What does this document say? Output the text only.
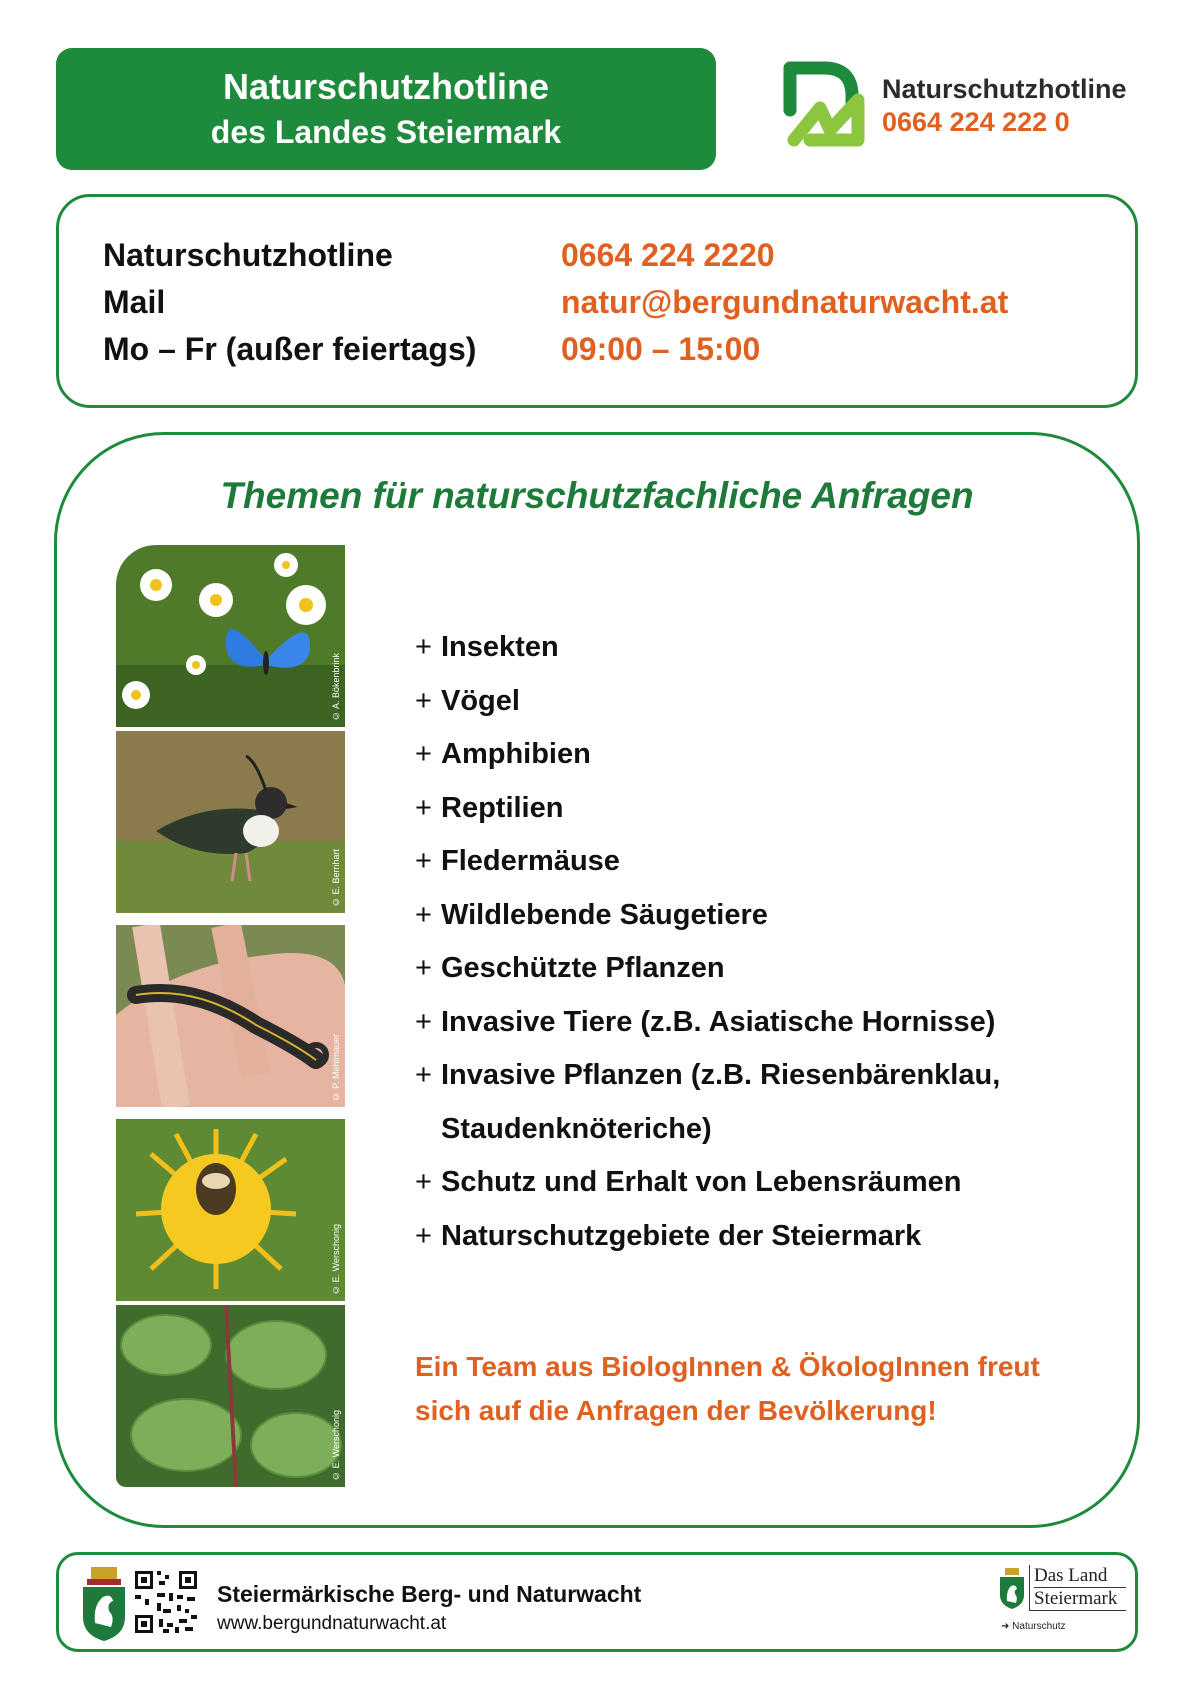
Naturschutzhotline
des Landes Steiermark
Naturschutzhotline
0664 224 222 0
Naturschutzhotline	0664 224 2220
Mail	natur@bergundnaturwacht.at
Mo – Fr (außer feiertags)	09:00 – 15:00
Themen für naturschutzfachliche Anfragen
© A. Bökenbrink
© E. Bernhart
© P. Mehlmauer
© E. Werschonig
© E. Werschonig
+ Insekten
+ Vögel
+ Amphibien
+ Reptilien
+ Fledermäuse
+ Wildlebende Säugetiere
+ Geschützte Pflanzen
+ Invasive Tiere (z.B. Asiatische Hornisse)
+ Invasive Pflanzen (z.B. Riesenbärenklau,
Staudenknöteriche)
+ Schutz und Erhalt von Lebensräumen
+ Naturschutzgebiete der Steiermark
Ein Team aus BiologInnen & ÖkologInnen freut sich auf die Anfragen der Bevölkerung!
Steiermärkische Berg- und Naturwacht
www.bergundnaturwacht.at
Das Land
Steiermark
➜ Naturschutz
